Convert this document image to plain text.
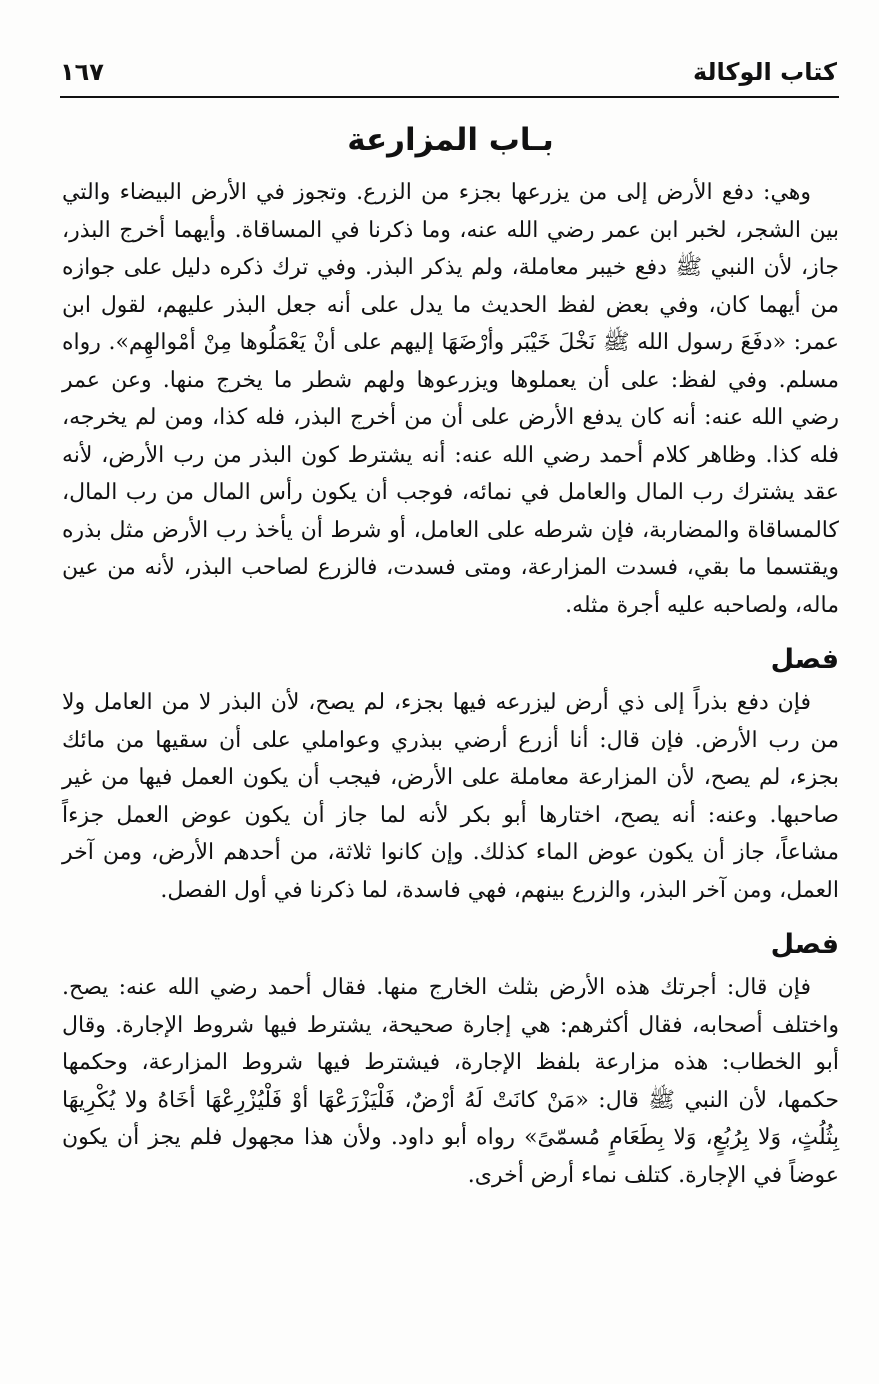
كتاب الوكالة
١٦٧
بـاب المزارعة

وهي: دفع الأرض إلى من يزرعها بجزء من الزرع. وتجوز في الأرض البيضاء والتي بين الشجر، لخبر ابن عمر رضي الله عنه، وما ذكرنا في المساقاة. وأيهما أخرج البذر، جاز، لأن النبي ﷺ دفع خيبر معاملة، ولم يذكر البذر. وفي ترك ذكره دليل على جوازه من أيهما كان، وفي بعض لفظ الحديث ما يدل على أنه جعل البذر عليهم، لقول ابن عمر: «دفَعَ رسول الله ﷺ نَخْلَ خَيْبَر وأرْضَهَا إليهم على أنْ يَعْمَلُوها مِنْ أمْوالهِم». رواه مسلم. وفي لفظ: على أن يعملوها ويزرعوها ولهم شطر ما يخرج منها. وعن عمر رضي الله عنه: أنه كان يدفع الأرض على أن من أخرج البذر، فله كذا، ومن لم يخرجه، فله كذا. وظاهر كلام أحمد رضي الله عنه: أنه يشترط كون البذر من رب الأرض، لأنه عقد يشترك رب المال والعامل في نمائه، فوجب أن يكون رأس المال من رب المال، كالمساقاة والمضاربة، فإن شرطه على العامل، أو شرط أن يأخذ رب الأرض مثل بذره ويقتسما ما بقي، فسدت المزارعة، ومتى فسدت، فالزرع لصاحب البذر، لأنه من عين ماله، ولصاحبه عليه أجرة مثله.

فصل

فإن دفع بذراً إلى ذي أرض ليزرعه فيها بجزء، لم يصح، لأن البذر لا من العامل ولا من رب الأرض. فإن قال: أنا أزرع أرضي ببذري وعواملي على أن سقيها من مائك بجزء، لم يصح، لأن المزارعة معاملة على الأرض، فيجب أن يكون العمل فيها من غير صاحبها. وعنه: أنه يصح، اختارها أبو بكر لأنه لما جاز أن يكون عوض العمل جزءاً مشاعاً، جاز أن يكون عوض الماء كذلك. وإن كانوا ثلاثة، من أحدهم الأرض، ومن آخر العمل، ومن آخر البذر، والزرع بينهم، فهي فاسدة، لما ذكرنا في أول الفصل.

فصل

فإن قال: أجرتك هذه الأرض بثلث الخارج منها. فقال أحمد رضي الله عنه: يصح. واختلف أصحابه، فقال أكثرهم: هي إجارة صحيحة، يشترط فيها شروط الإجارة. وقال أبو الخطاب: هذه مزارعة بلفظ الإجارة، فيشترط فيها شروط المزارعة، وحكمها حكمها، لأن النبي ﷺ قال: «مَنْ كانَتْ لَهُ أرْضٌ، فَلْيَزْرَعْهَا أوْ فَلْيُزْرِعْهَا أخَاهُ ولا يُكْرِيهَا بِثُلُثٍ، وَلا بِرُبُعٍ، وَلا بِطَعَامٍ مُسمّىً» رواه أبو داود. ولأن هذا مجهول فلم يجز أن يكون عوضاً في الإجارة. كتلف نماء أرض أخرى.
